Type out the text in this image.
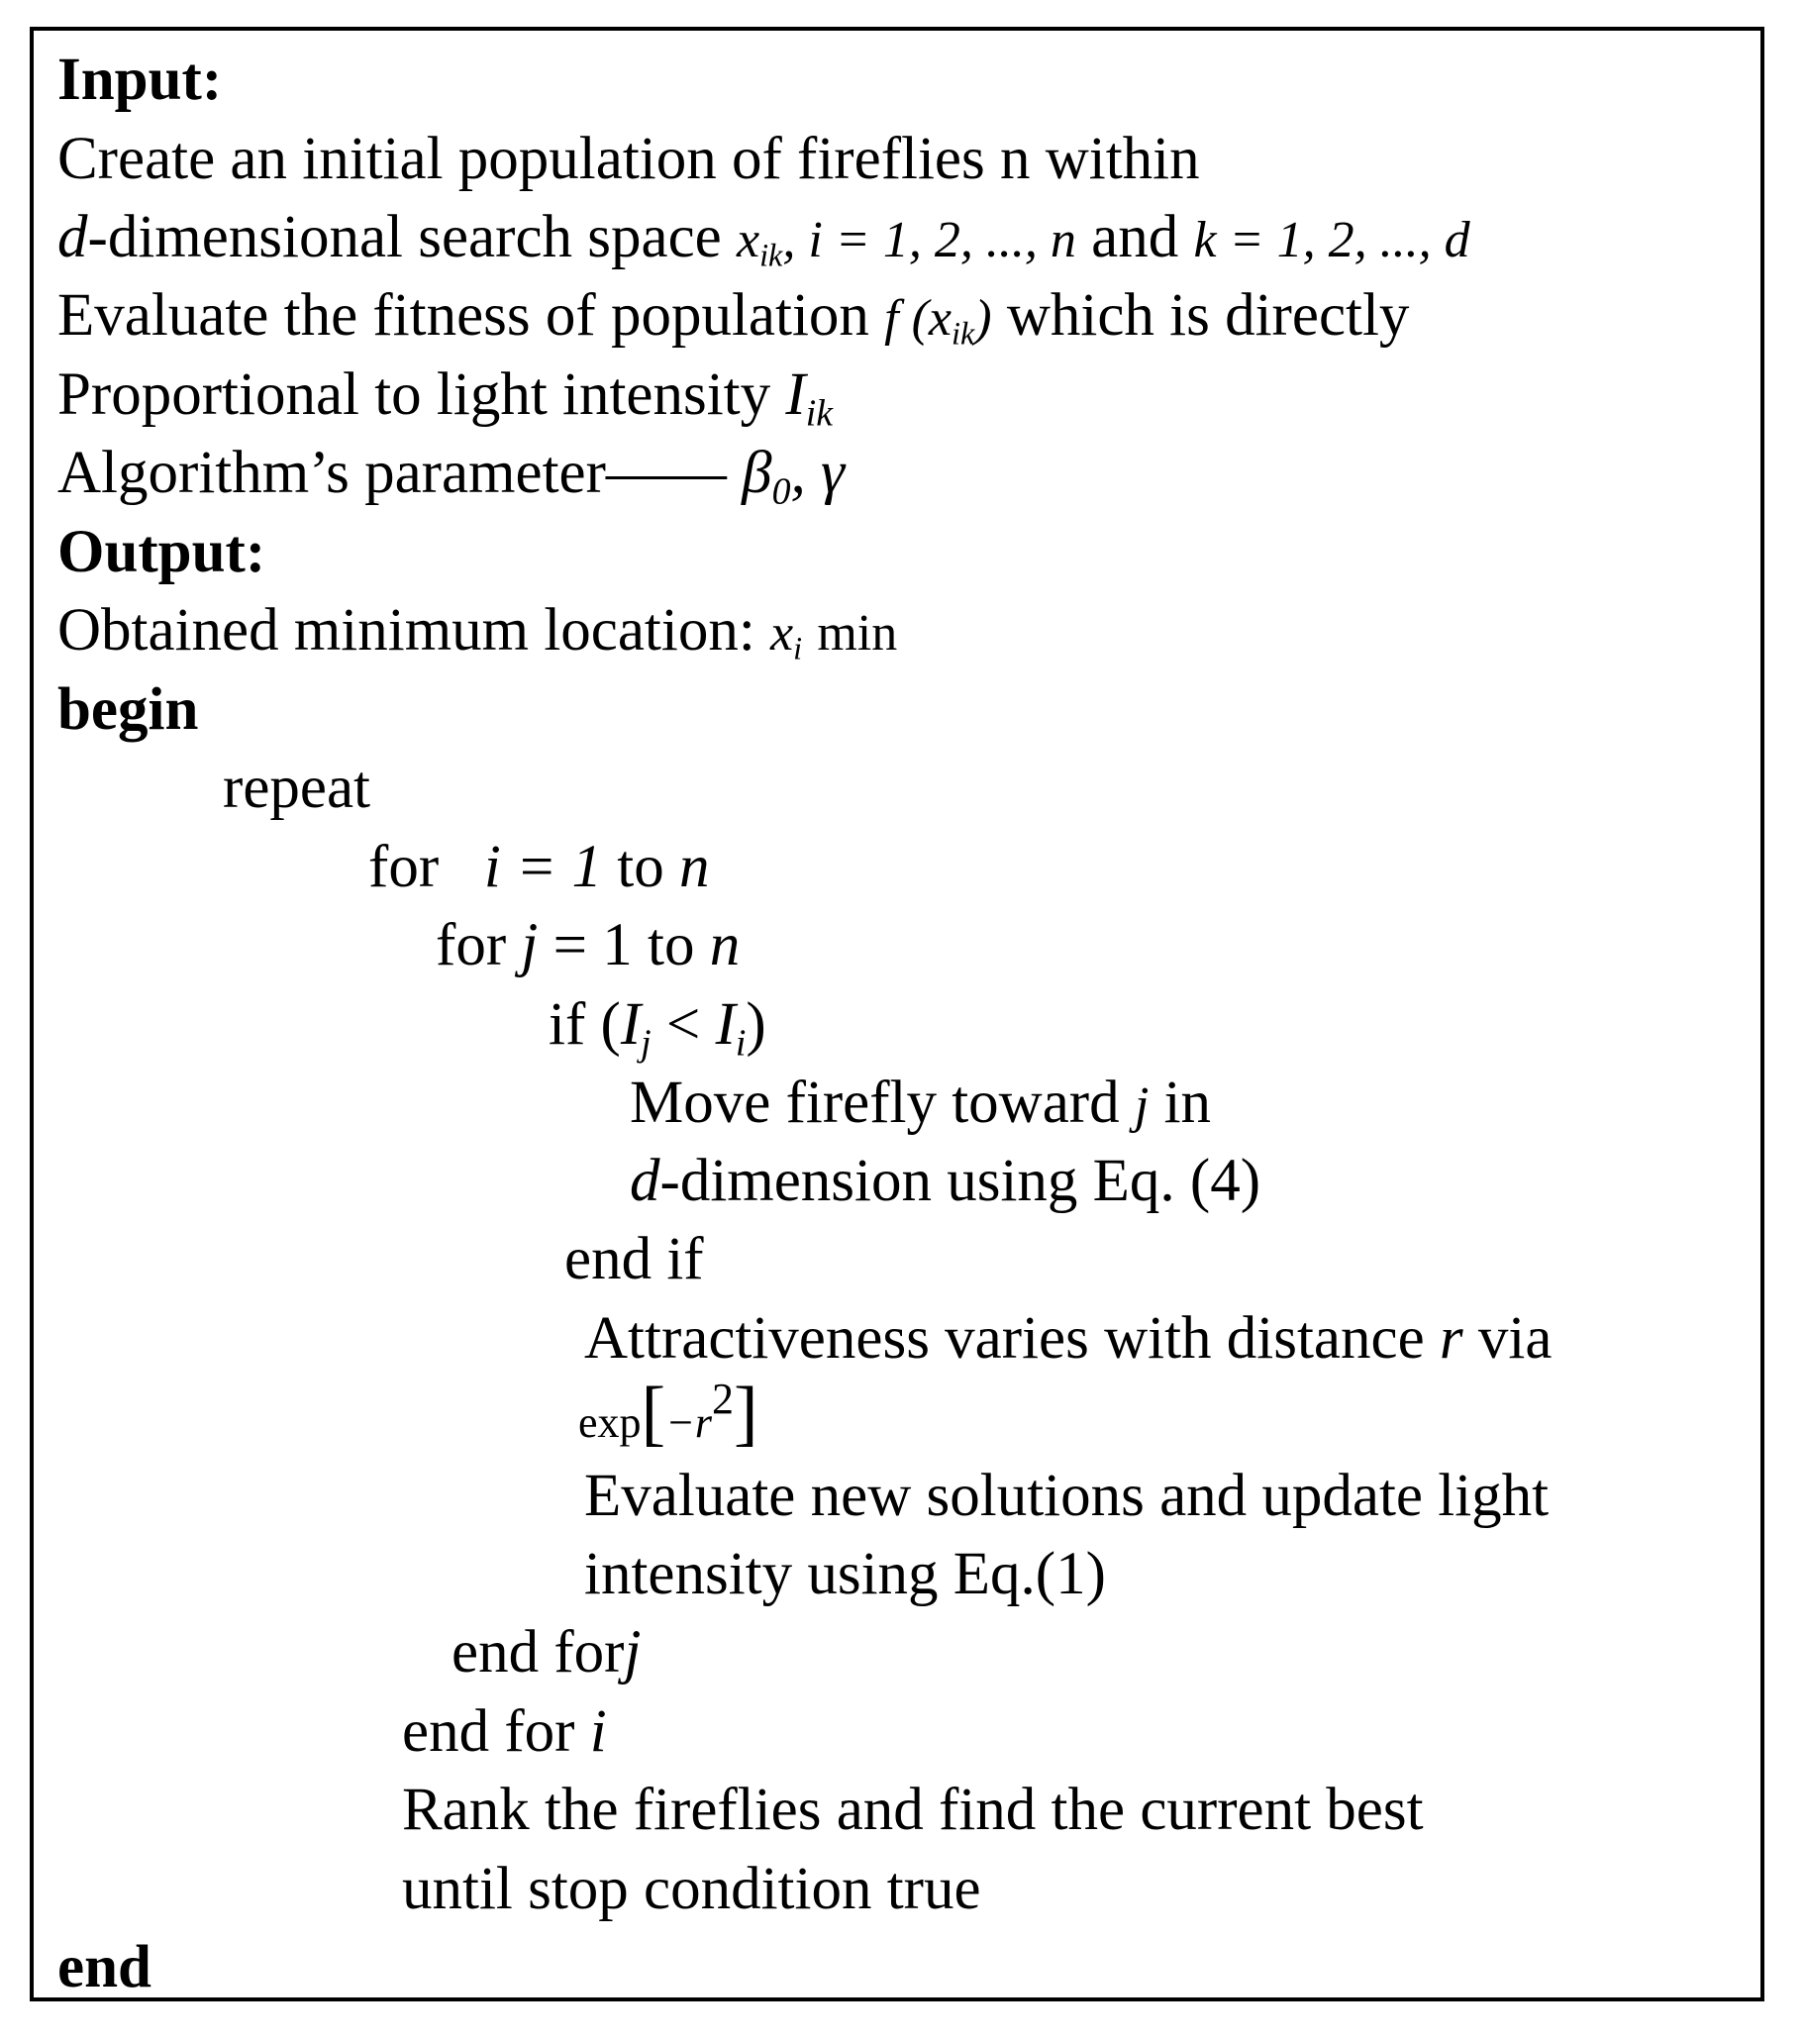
Input:
Create an initial population of fireflies n within
d-dimensional search space $x_{ik}$, i = 1, 2, ..., n and k = 1, 2, ..., d
Evaluate the fitness of population f $(x_{ik})$ which is directly
Proportional to light intensity $I_{ik}$
Algorithm’s parameter—— $\beta_0$, γ
Output:
Obtained minimum location: $x_i$ min
begin
repeat
for i = 1 to n
for j = 1 to n
if $(I_j < I_i)$
Move firefly toward j in
d-dimension using Eq. (4)
end if
Attractiveness varies with distance r via
$\exp[-r^2]$
Evaluate new solutions and update light
intensity using Eq.(1)
end forj
end for i
Rank the fireflies and find the current best
until stop condition true
end
